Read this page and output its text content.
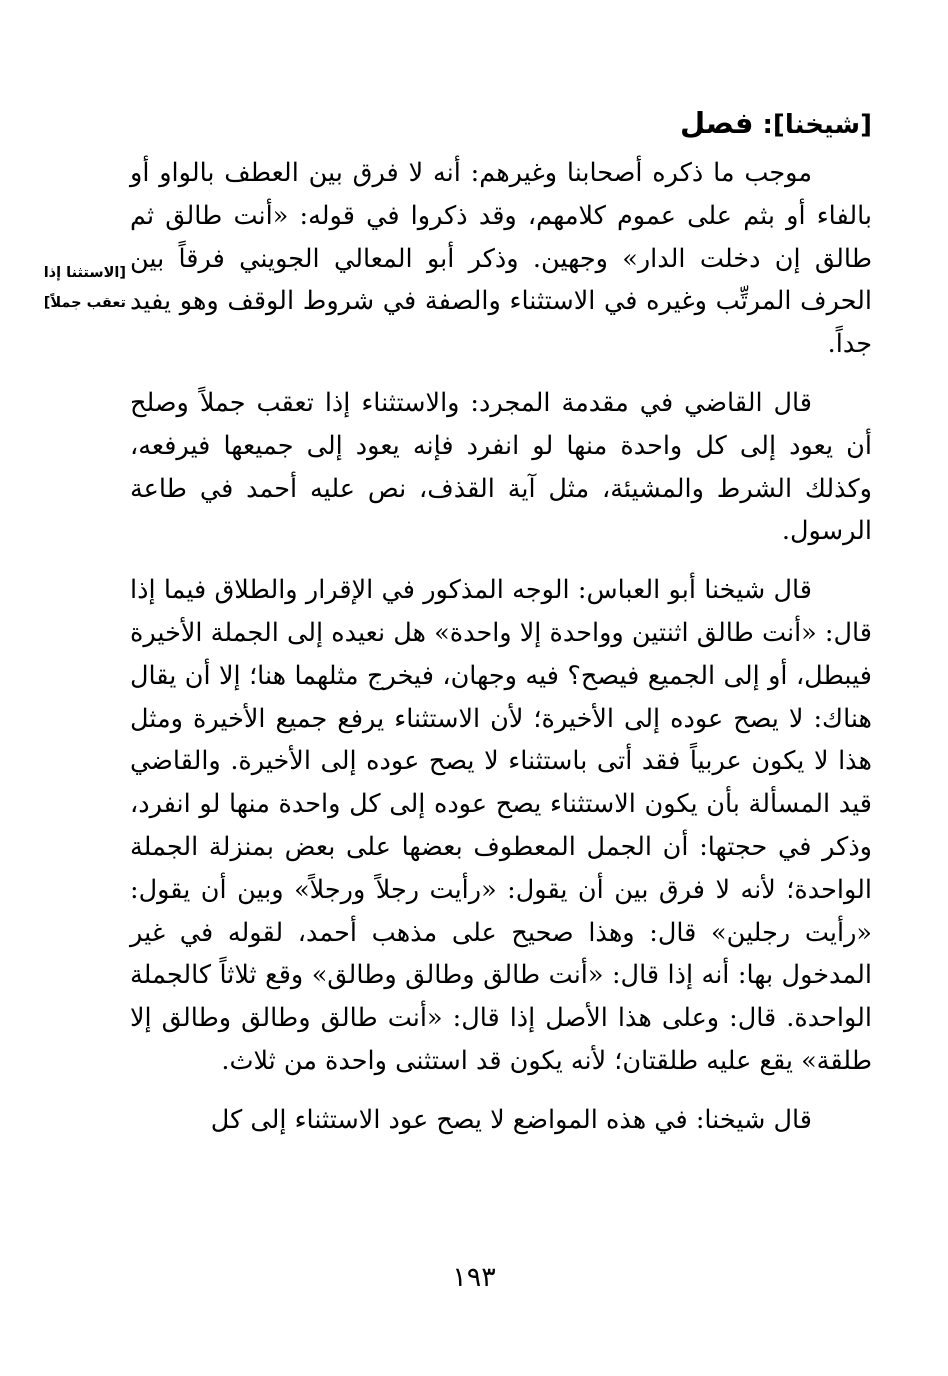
[شيخنا]: فصل
[الاستثنا إذا
تعقب جملاً]

موجب ما ذكره أصحابنا وغيرهم: أنه لا فرق بين العطف بالواو أو بالفاء أو بثم على عموم كلامهم، وقد ذكروا في قوله: «أنت طالق ثم طالق إن دخلت الدار» وجهين. وذكر أبو المعالي الجويني فرقاً بين الحرف المرتِّب وغيره في الاستثناء والصفة في شروط الوقف وهو يفيد جداً.

قال القاضي في مقدمة المجرد: والاستثناء إذا تعقب جملاً وصلح أن يعود إلى كل واحدة منها لو انفرد فإنه يعود إلى جميعها فيرفعه، وكذلك الشرط والمشيئة، مثل آية القذف، نص عليه أحمد في طاعة الرسول.

قال شيخنا أبو العباس: الوجه المذكور في الإقرار والطلاق فيما إذا قال: «أنت طالق اثنتين وواحدة إلا واحدة» هل نعيده إلى الجملة الأخيرة فيبطل، أو إلى الجميع فيصح؟ فيه وجهان، فيخرج مثلهما هنا؛ إلا أن يقال هناك: لا يصح عوده إلى الأخيرة؛ لأن الاستثناء يرفع جميع الأخيرة ومثل هذا لا يكون عربياً فقد أتى باستثناء لا يصح عوده إلى الأخيرة. والقاضي قيد المسألة بأن يكون الاستثناء يصح عوده إلى كل واحدة منها لو انفرد، وذكر في حجتها: أن الجمل المعطوف بعضها على بعض بمنزلة الجملة الواحدة؛ لأنه لا فرق بين أن يقول: «رأيت رجلاً ورجلاً» وبين أن يقول: «رأيت رجلين» قال: وهذا صحيح على مذهب أحمد، لقوله في غير المدخول بها: أنه إذا قال: «أنت طالق وطالق وطالق» وقع ثلاثاً كالجملة الواحدة. قال: وعلى هذا الأصل إذا قال: «أنت طالق وطالق وطالق إلا طلقة» يقع عليه طلقتان؛ لأنه يكون قد استثنى واحدة من ثلاث.

قال شيخنا: في هذه المواضع لا يصح عود الاستثناء إلى كل

١٩٣
